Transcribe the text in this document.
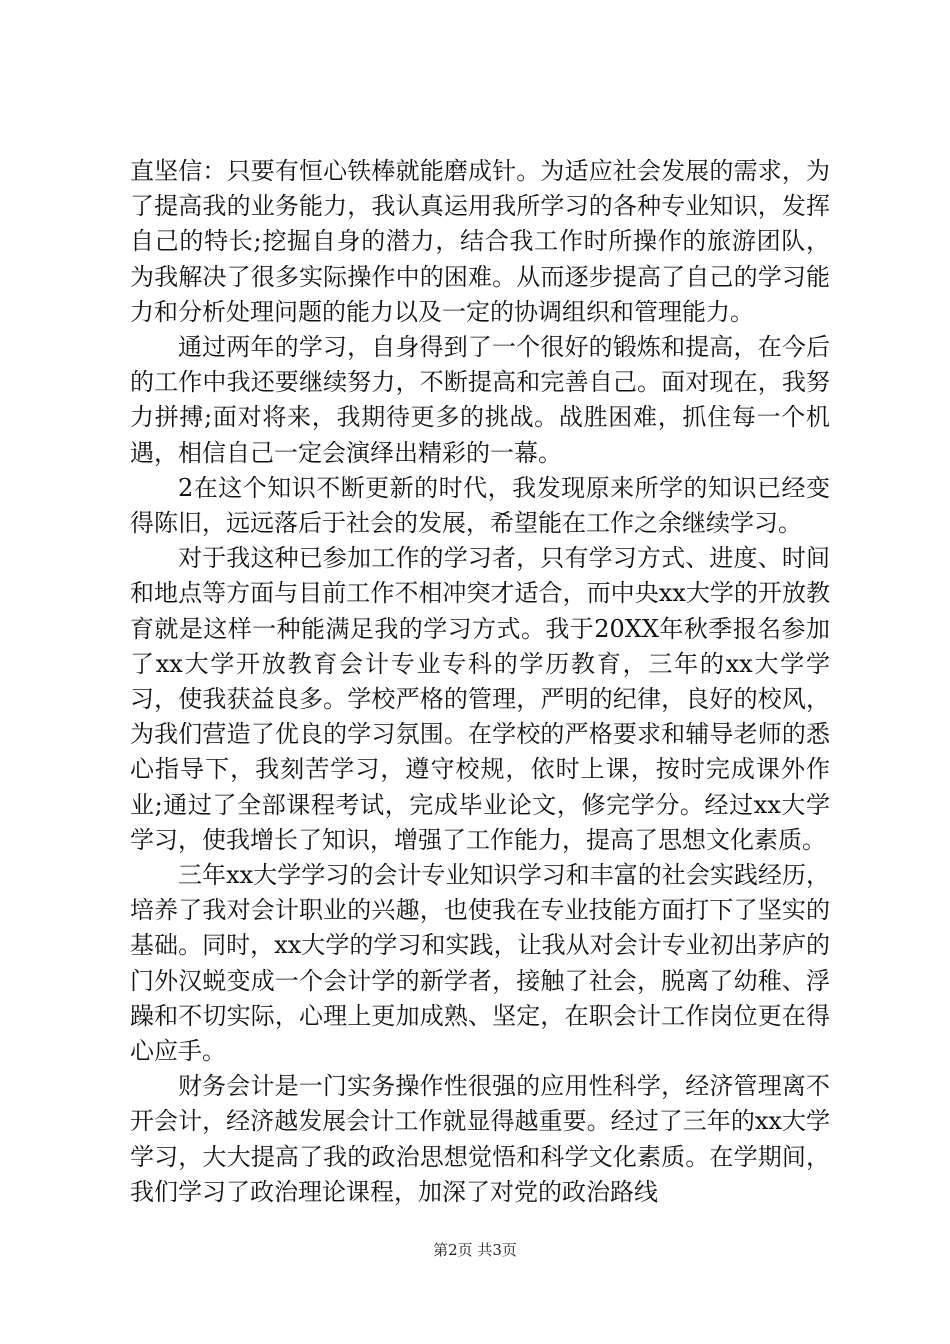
直坚信：只要有恒心铁棒就能磨成针。为适应社会发展的需求，为了提高我的业务能力，我认真运用我所学习的各种专业知识，发挥自己的特长;挖掘自身的潜力，结合我工作时所操作的旅游团队，为我解决了很多实际操作中的困难。从而逐步提高了自己的学习能力和分析处理问题的能力以及一定的协调组织和管理能力。

通过两年的学习，自身得到了一个很好的锻炼和提高，在今后的工作中我还要继续努力，不断提高和完善自己。面对现在，我努力拼搏;面对将来，我期待更多的挑战。战胜困难，抓住每一个机遇，相信自己一定会演绎出精彩的一幕。

2在这个知识不断更新的时代，我发现原来所学的知识已经变得陈旧，远远落后于社会的发展，希望能在工作之余继续学习。

对于我这种已参加工作的学习者，只有学习方式、进度、时间和地点等方面与目前工作不相冲突才适合，而中央xx大学的开放教育就是这样一种能满足我的学习方式。我于20XX年秋季报名参加了xx大学开放教育会计专业专科的学历教育，三年的xx大学学习，使我获益良多。学校严格的管理，严明的纪律，良好的校风，为我们营造了优良的学习氛围。在学校的严格要求和辅导老师的悉心指导下，我刻苦学习，遵守校规，依时上课，按时完成课外作业;通过了全部课程考试，完成毕业论文，修完学分。经过xx大学学习，使我增长了知识，增强了工作能力，提高了思想文化素质。

三年xx大学学习的会计专业知识学习和丰富的社会实践经历，培养了我对会计职业的兴趣，也使我在专业技能方面打下了坚实的基础。同时，xx大学的学习和实践，让我从对会计专业初出茅庐的门外汉蜕变成一个会计学的新学者，接触了社会，脱离了幼稚、浮躁和不切实际，心理上更加成熟、坚定，在职会计工作岗位更在得心应手。

财务会计是一门实务操作性很强的应用性科学，经济管理离不开会计，经济越发展会计工作就显得越重要。经过了三年的xx大学学习，大大提高了我的政治思想觉悟和科学文化素质。在学期间，我们学习了政治理论课程，加深了对党的政治路线

第2页 共3页
